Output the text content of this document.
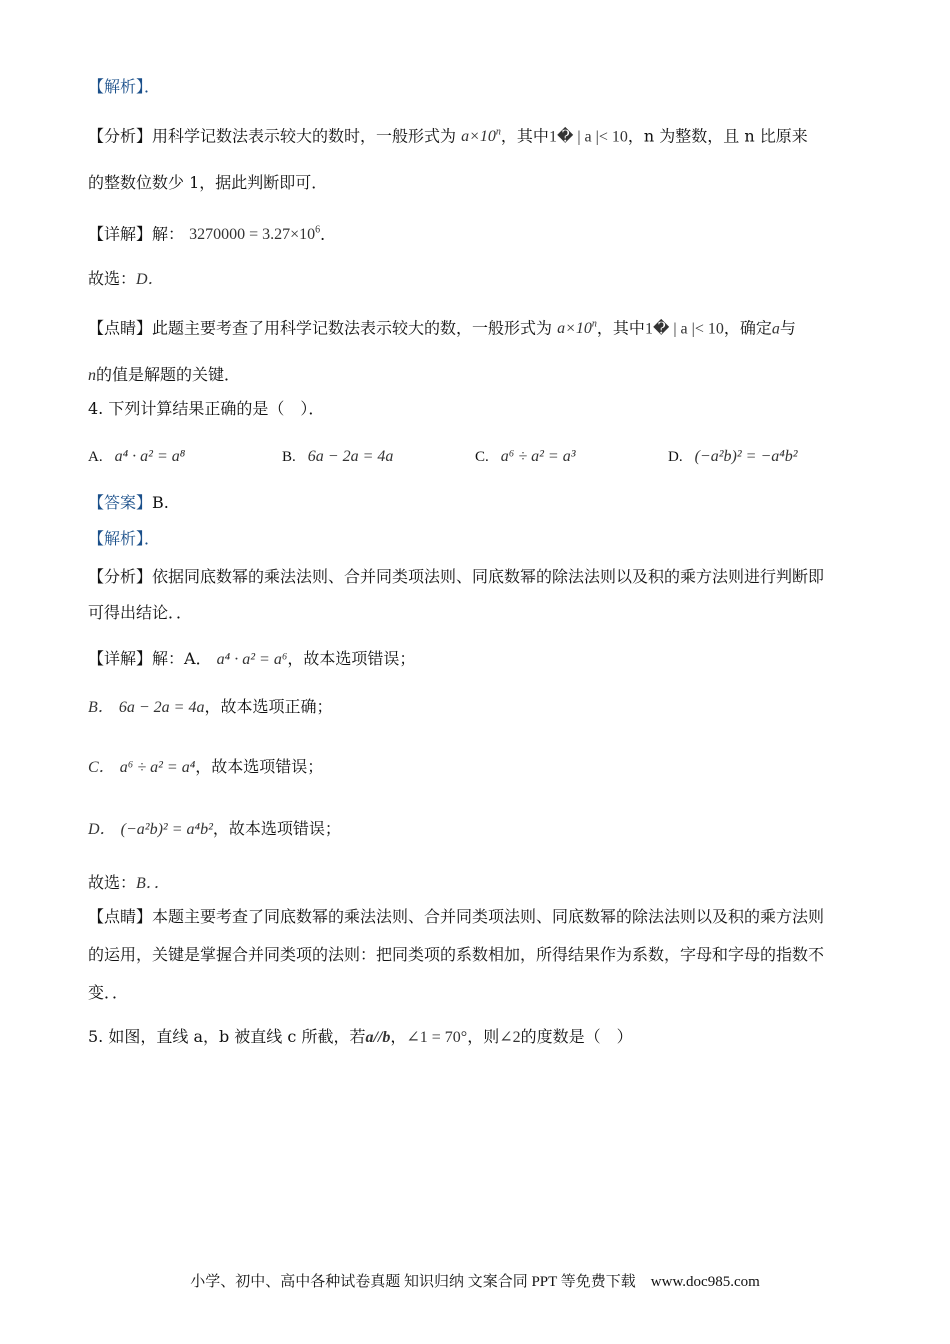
【解析】．
【分析】用科学记数法表示较大的数时，一般形式为 $a\times 10^n$，其中1� | a |< 10，n 为整数，且 n 比原来
的整数位数少 1，据此判断即可．
【详解】解： $3270000 = 3.27\times 10^6$．
故选：D．
【点睛】此题主要考查了用科学记数法表示较大的数，一般形式为 $a\times 10^n$，其中1� | a |< 10，确定a与
n的值是解题的关键．
4. 下列计算结果正确的是（　）．
A. a⁴ · a² = a⁸	B. 6a − 2a = 4a	C. a⁶ ÷ a² = a³	D. (−a²b)² = −a⁴b²
【答案】B.
【解析】．
【分析】依据同底数幂的乘法法则、合并同类项法则、同底数幂的除法法则以及积的乘方法则进行判断即
可得出结论．．
【详解】解：A． a⁴ · a² = a⁶，故本选项错误；
B． 6a − 2a = 4a，故本选项正确；
C． a⁶ ÷ a² = a⁴，故本选项错误；
D． (−a²b)² = a⁴b²，故本选项错误；
故选：B．．
【点睛】本题主要考查了同底数幂的乘法法则、合并同类项法则、同底数幂的除法法则以及积的乘方法则
的运用，关键是掌握合并同类项的法则：把同类项的系数相加，所得结果作为系数，字母和字母的指数不
变．．
5. 如图，直线 a，b 被直线 c 所截，若a//b，∠1 = 70°，则∠2的度数是（　）
小学、初中、高中各种试卷真题 知识归纳 文案合同 PPT 等免费下载　www.doc985.com
